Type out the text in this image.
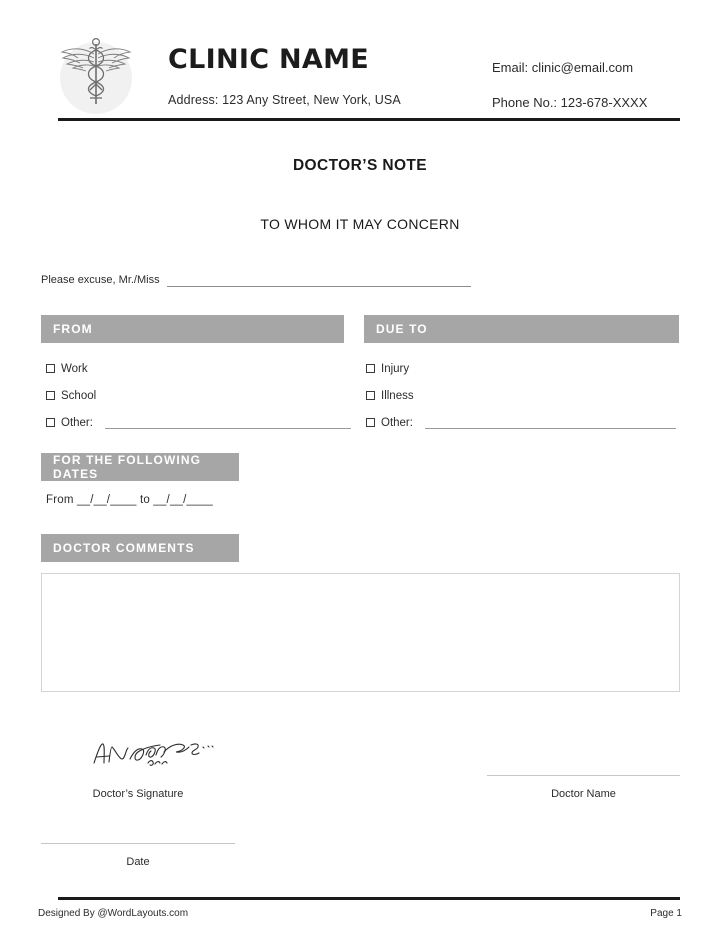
CLINIC NAME
Address: 123 Any Street, New York, USA
Email: clinic@email.com
Phone No.: 123-678-XXXX
DOCTOR’S NOTE
TO WHOM IT MAY CONCERN
Please excuse, Mr./Miss
FROM	DUE TO
Work
School
Other:
Injury
Illness
Other:
FOR THE FOLLOWING DATES
From __/__/____ to __/__/____
DOCTOR COMMENTS
Doctor’s Signature	Doctor Name
Date
Designed By @WordLayouts.com	Page 1
